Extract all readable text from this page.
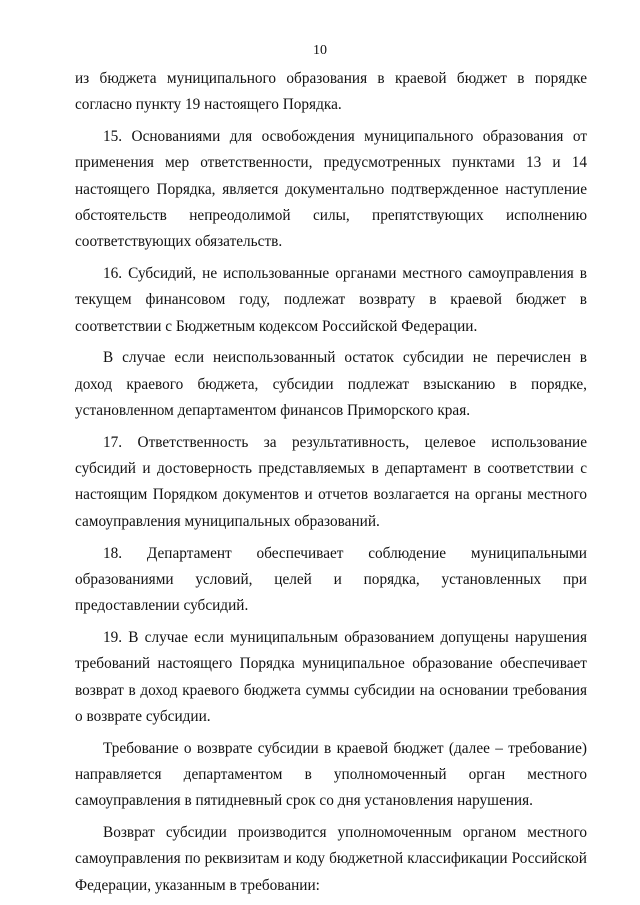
10

из бюджета муниципального образования в краевой бюджет в порядке согласно пункту 19 настоящего Порядка.

15. Основаниями для освобождения муниципального образования от применения мер ответственности, предусмотренных пунктами 13 и 14 настоящего Порядка, является документально подтвержденное наступление обстоятельств непреодолимой силы, препятствующих исполнению соответствующих обязательств.

16. Субсидий, не использованные органами местного самоуправления в текущем финансовом году, подлежат возврату в краевой бюджет в соответствии с Бюджетным кодексом Российской Федерации.

В случае если неиспользованный остаток субсидии не перечислен в доход краевого бюджета, субсидии подлежат взысканию в порядке, установленном департаментом финансов Приморского края.

17. Ответственность за результативность, целевое использование субсидий и достоверность представляемых в департамент в соответствии с настоящим Порядком документов и отчетов возлагается на органы местного самоуправления муниципальных образований.

18. Департамент обеспечивает соблюдение муниципальными образованиями условий, целей и порядка, установленных при предоставлении субсидий.

19. В случае если муниципальным образованием допущены нарушения требований настоящего Порядка муниципальное образование обеспечивает возврат в доход краевого бюджета суммы субсидии на основании требования о возврате субсидии.

Требование о возврате субсидии в краевой бюджет (далее – требование) направляется департаментом в уполномоченный орган местного самоуправления в пятидневный срок со дня установления нарушения.

Возврат субсидии производится уполномоченным органом местного самоуправления по реквизитам и коду бюджетной классификации Российской Федерации, указанным в требовании:
